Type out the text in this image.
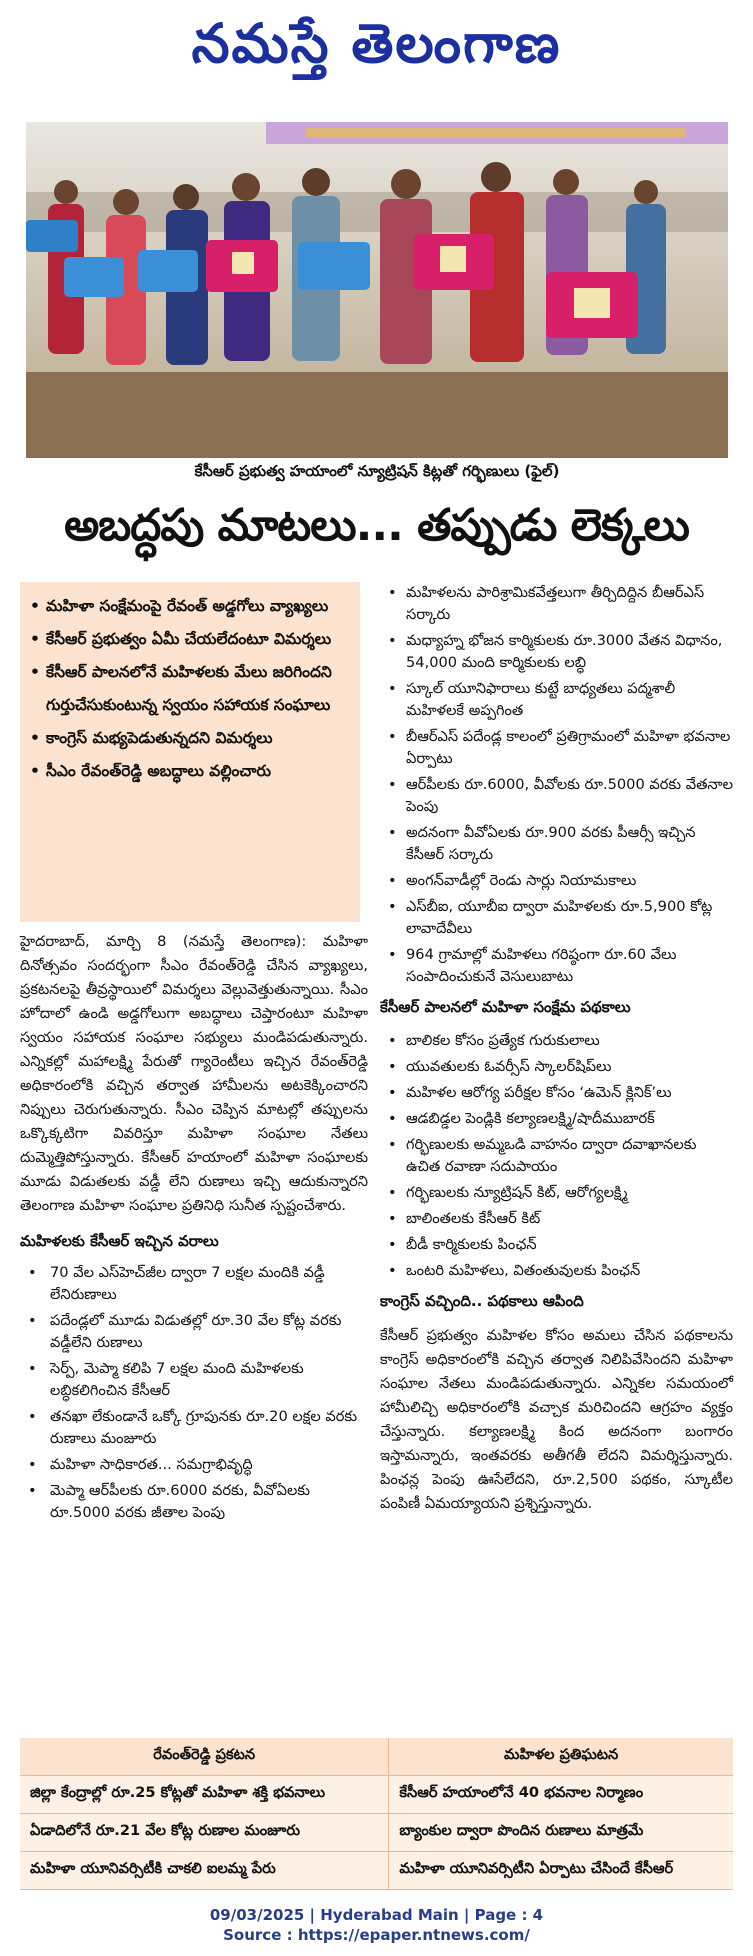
నమస్తే తెలంగాణ
కేసీఆర్ ప్రభుత్వ హయాంలో న్యూట్రిషన్ కిట్లతో గర్భిణులు (ఫైల్)
అబద్ధపు మాటలు... తప్పుడు లెక్కలు
• మహిళా సంక్షేమంపై రేవంత్ అడ్డగోలు వ్యాఖ్యలు
• కేసీఆర్ ప్రభుత్వం ఏమీ చేయలేదంటూ విమర్శలు
• కేసీఆర్ పాలనలోనే మహిళలకు మేలు జరిగిందని గుర్తుచేసుకుంటున్న స్వయం సహాయక సంఘాలు
• కాంగ్రెస్ మభ్యపెడుతున్నదని విమర్శలు
• సీఎం రేవంత్‌రెడ్డి అబద్ధాలు వల్లించారు

హైదరాబాద్, మార్చి 8 (నమస్తే తెలంగాణ): మహిళా దినోత్సవం సందర్భంగా సీఎం రేవంత్‌రెడ్డి చేసిన వ్యాఖ్యలు, ప్రకటనలపై తీవ్రస్థాయిలో విమర్శలు వెల్లువెత్తుతున్నాయి. సీఎం హోదాలో ఉండి అడ్డగోలుగా అబద్ధాలు చెప్తారంటూ మహిళా స్వయం సహాయక సంఘాల సభ్యులు మండిపడుతున్నారు. ఎన్నికల్లో మహాలక్ష్మి పేరుతో గ్యారెంటీలు ఇచ్చిన రేవంత్‌రెడ్డి అధికారంలోకి వచ్చిన తర్వాత హామీలను అటకెక్కించారని నిప్పులు చెరుగుతున్నారు. సీఎం చెప్పిన మాటల్లో తప్పులను ఒక్కొక్కటిగా వివరిస్తూ మహిళా సంఘాల నేతలు దుమ్మెత్తిపోస్తున్నారు. కేసీఆర్ హయాంలో మహిళా సంఘాలకు మూడు విడుతలకు వడ్డీ లేని రుణాలు ఇచ్చి ఆదుకున్నారని తెలంగాణ మహిళా సంఘాల ప్రతినిధి సునీత స్పష్టంచేశారు.

మహిళలకు కేసీఆర్ ఇచ్చిన వరాలు
• 70 వేల ఎస్‌హెచ్‌జీల ద్వారా 7 లక్షల మందికి వడ్డీ లేనిరుణాలు
• పదేండ్లలో మూడు విడుతల్లో రూ.30 వేల కోట్ల వరకు వడ్డీలేని రుణాలు
• సెర్ప్, మెప్మా కలిపి 7 లక్షల మంది మహిళలకు లబ్ధికలిగించిన కేసీఆర్
• తనఖా లేకుండానే ఒక్కో గ్రూపునకు రూ.20 లక్షల వరకు రుణాలు మంజూరు
• మహిళా సాధికారత... సమగ్రాభివృద్ధి
• మెప్మా ఆర్‌పీలకు రూ.6000 వరకు, వీవోఏలకు రూ.5000 వరకు జీతాల పెంపు
• మహిళలను పారిశ్రామికవేత్తలుగా తీర్చిదిద్దిన బీఆర్ఎస్ సర్కారు
• మధ్యాహ్న భోజన కార్మికులకు రూ.3000 వేతన విధానం, 54,000 మంది కార్మికులకు లబ్ధి
• స్కూల్ యూనిఫారాలు కుట్టే బాధ్యతలు పద్మశాలీ మహిళలకే అప్పగింత
• బీఆర్ఎస్ పదేండ్ల కాలంలో ప్రతిగ్రామంలో మహిళా భవనాల ఏర్పాటు
• ఆర్‌పీలకు రూ.6000, వీవోలకు రూ.5000 వరకు వేతనాల పెంపు
• అదనంగా వీవోఏలకు రూ.900 వరకు పీఆర్సీ ఇచ్చిన కేసీఆర్ సర్కారు
• అంగన్‌వాడీల్లో రెండు సార్లు నియామకాలు
• ఎస్‌బీఐ, యూబీఐ ద్వారా మహిళలకు రూ.5,900 కోట్ల లావాదేవీలు
• 964 గ్రామాల్లో మహిళలు గరిష్ఠంగా రూ.60 వేలు సంపాదించుకునే వెసులుబాటు
కేసీఆర్ పాలనలో మహిళా సంక్షేమ పథకాలు
• బాలికల కోసం ప్రత్యేక గురుకులాలు
• యువతులకు ఓవర్సీస్ స్కాలర్‌షిప్‌లు
• మహిళల ఆరోగ్య పరీక్షల కోసం ‘ఉమెన్ క్లినిక్’లు
• ఆడబిడ్డల పెండ్లికి కల్యాణలక్ష్మి/షాదీముబారక్
• గర్భిణులకు అమ్మఒడి వాహనం ద్వారా దవాఖానలకు ఉచిత రవాణా సదుపాయం
• గర్భిణులకు న్యూట్రిషన్ కిట్, ఆరోగ్యలక్ష్మి
• బాలింతలకు కేసీఆర్ కిట్
• బీడీ కార్మికులకు పింఛన్
• ఒంటరి మహిళలు, వితంతువులకు పింఛన్
కాంగ్రెస్ వచ్చింది.. పథకాలు ఆపింది

కేసీఆర్ ప్రభుత్వం మహిళల కోసం అమలు చేసిన పథకాలను కాంగ్రెస్ అధికారంలోకి వచ్చిన తర్వాత నిలిపివేసిందని మహిళా సంఘాల నేతలు మండిపడుతున్నారు. ఎన్నికల సమయంలో హామీలిచ్చి అధికారంలోకి వచ్చాక మరిచిందని ఆగ్రహం వ్యక్తం చేస్తున్నారు. కల్యాణలక్ష్మి కింద అదనంగా బంగారం ఇస్తామన్నారు, ఇంతవరకు అతీగతీ లేదని విమర్శిస్తున్నారు. పింఛన్ల పెంపు ఊసేలేదని, రూ.2,500 పథకం, స్కూటీల పంపిణీ ఏమయ్యాయని ప్రశ్నిస్తున్నారు.

రేవంత్‌రెడ్డి ప్రకటన	మహిళల ప్రతిఘటన
జిల్లా కేంద్రాల్లో రూ.25 కోట్లతో మహిళా శక్తి భవనాలు	కేసీఆర్ హయాంలోనే 40 భవనాల నిర్మాణం
ఏడాదిలోనే రూ.21 వేల కోట్ల రుణాల మంజూరు	బ్యాంకుల ద్వారా పొందిన రుణాలు మాత్రమే
మహిళా యూనివర్సిటీకి చాకలి ఐలమ్మ పేరు	మహిళా యూనివర్సిటీని ఏర్పాటు చేసిందే కేసీఆర్
09/03/2025 | Hyderabad Main | Page : 4
Source : https://epaper.ntnews.com/
